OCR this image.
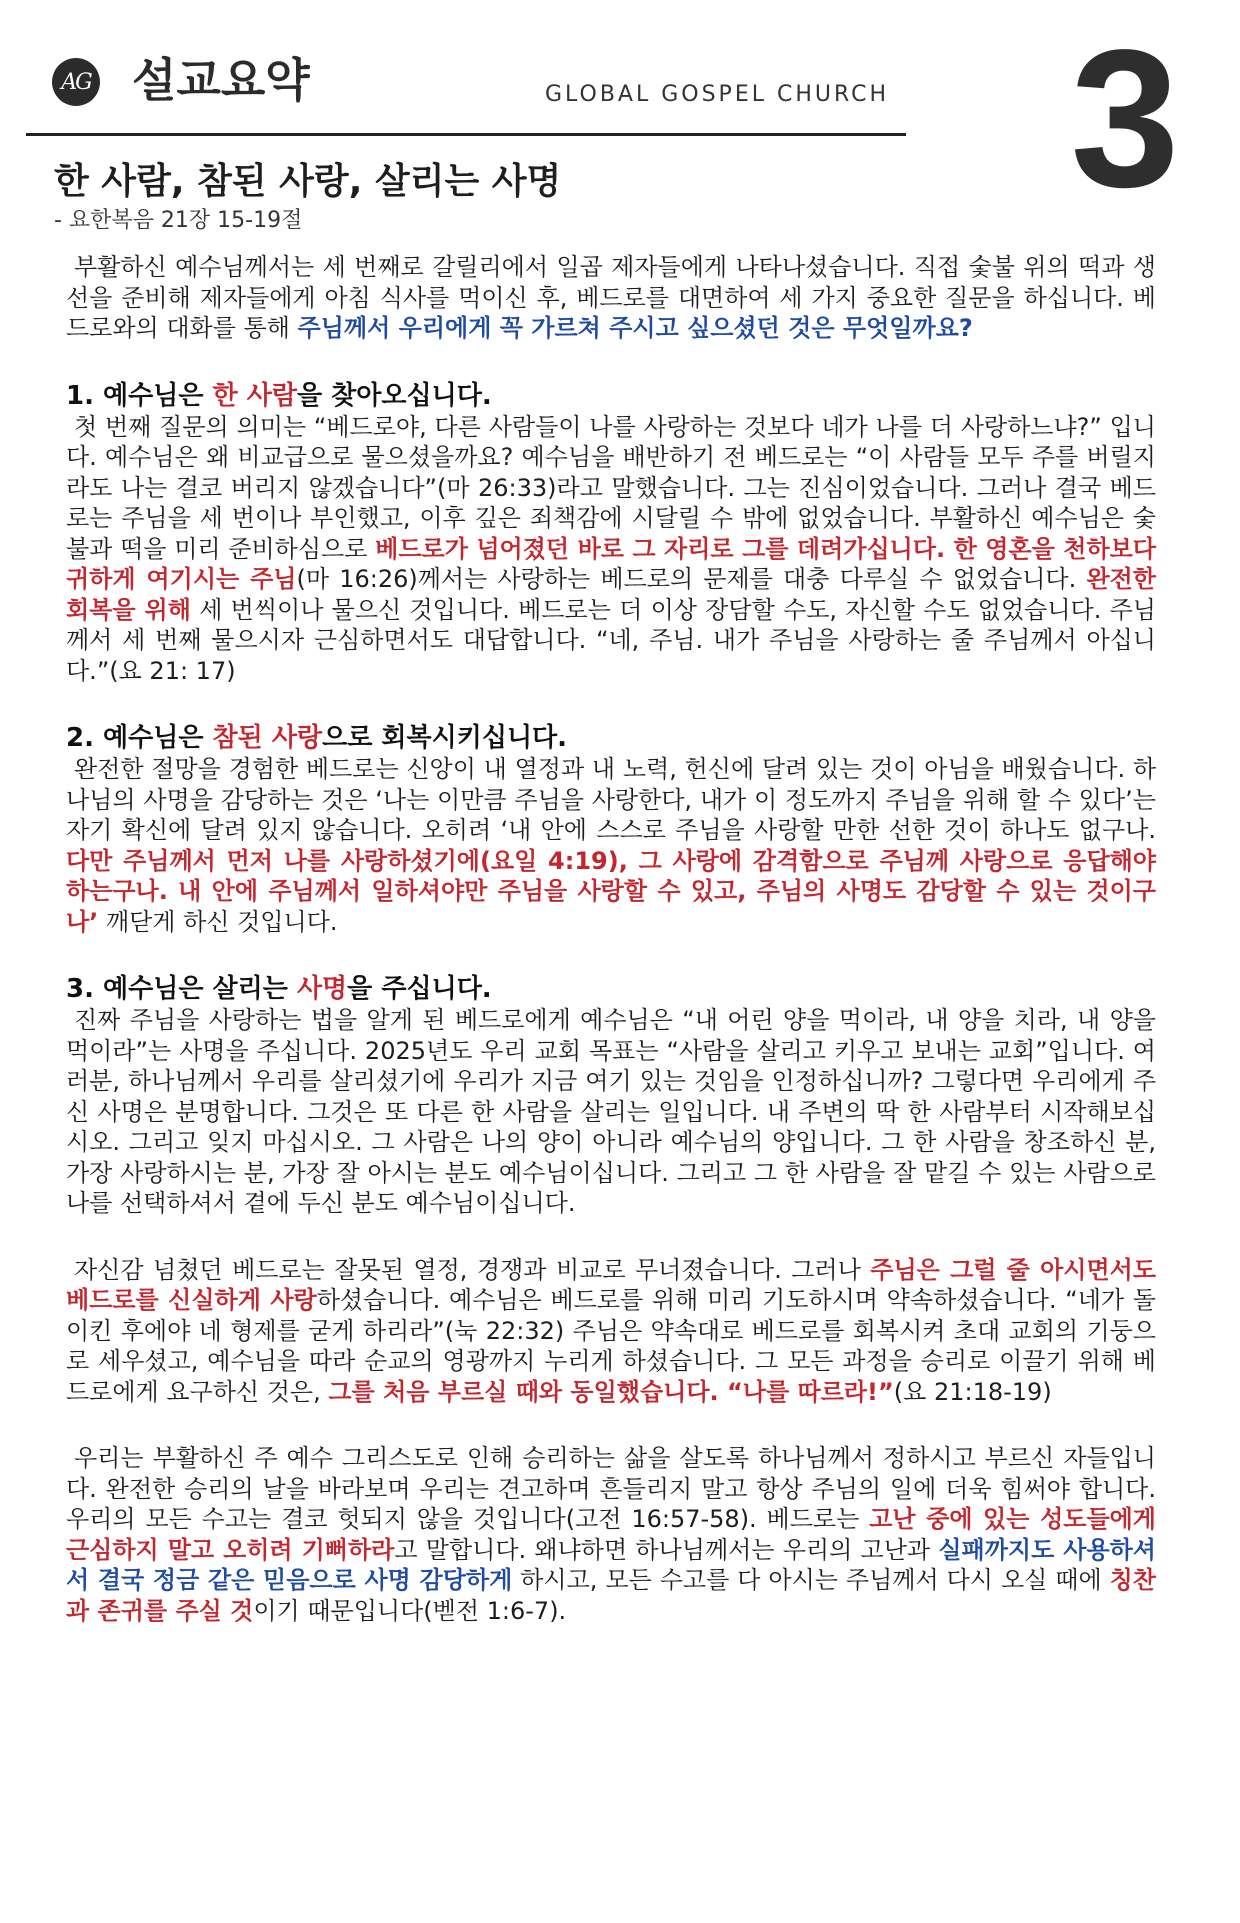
AG 설교요약	GLOBAL GOSPEL CHURCH 3
한 사람, 참된 사랑, 살리는 사명
- 요한복음 21장 15-19절

부활하신 예수님께서는 세 번째로 갈릴리에서 일곱 제자들에게 나타나셨습니다. 직접 숯불 위의 떡과 생선을 준비해 제자들에게 아침 식사를 먹이신 후, 베드로를 대면하여 세 가지 중요한 질문을 하십니다. 베드로와의 대화를 통해 주님께서 우리에게 꼭 가르쳐 주시고 싶으셨던 것은 무엇일까요?

1. 예수님은 한 사람을 찾아오십니다.

첫 번째 질문의 의미는 “베드로야, 다른 사람들이 나를 사랑하는 것보다 네가 나를 더 사랑하느냐?” 입니다. 예수님은 왜 비교급으로 물으셨을까요? 예수님을 배반하기 전 베드로는 “이 사람들 모두 주를 버릴지라도 나는 결코 버리지 않겠습니다”(마 26:33)라고 말했습니다. 그는 진심이었습니다. 그러나 결국 베드로는 주님을 세 번이나 부인했고, 이후 깊은 죄책감에 시달릴 수 밖에 없었습니다. 부활하신 예수님은 숯불과 떡을 미리 준비하심으로 베드로가 넘어졌던 바로 그 자리로 그를 데려가십니다. 한 영혼을 천하보다 귀하게 여기시는 주님(마 16:26)께서는 사랑하는 베드로의 문제를 대충 다루실 수 없었습니다. 완전한 회복을 위해 세 번씩이나 물으신 것입니다. 베드로는 더 이상 장담할 수도, 자신할 수도 없었습니다. 주님께서 세 번째 물으시자 근심하면서도 대답합니다. “네, 주님. 내가 주님을 사랑하는 줄 주님께서 아십니다.”(요 21: 17)

2. 예수님은 참된 사랑으로 회복시키십니다.

완전한 절망을 경험한 베드로는 신앙이 내 열정과 내 노력, 헌신에 달려 있는 것이 아님을 배웠습니다. 하나님의 사명을 감당하는 것은 ‘나는 이만큼 주님을 사랑한다, 내가 이 정도까지 주님을 위해 할 수 있다’는 자기 확신에 달려 있지 않습니다. 오히려 ‘내 안에 스스로 주님을 사랑할 만한 선한 것이 하나도 없구나. 다만 주님께서 먼저 나를 사랑하셨기에(요일 4:19), 그 사랑에 감격함으로 주님께 사랑으로 응답해야 하는구나. 내 안에 주님께서 일하셔야만 주님을 사랑할 수 있고, 주님의 사명도 감당할 수 있는 것이구나’ 깨닫게 하신 것입니다.

3. 예수님은 살리는 사명을 주십니다.

진짜 주님을 사랑하는 법을 알게 된 베드로에게 예수님은 “내 어린 양을 먹이라, 내 양을 치라, 내 양을 먹이라”는 사명을 주십니다. 2025년도 우리 교회 목표는 “사람을 살리고 키우고 보내는 교회”입니다. 여러분, 하나님께서 우리를 살리셨기에 우리가 지금 여기 있는 것임을 인정하십니까? 그렇다면 우리에게 주신 사명은 분명합니다. 그것은 또 다른 한 사람을 살리는 일입니다. 내 주변의 딱 한 사람부터 시작해보십시오. 그리고 잊지 마십시오. 그 사람은 나의 양이 아니라 예수님의 양입니다. 그 한 사람을 창조하신 분, 가장 사랑하시는 분, 가장 잘 아시는 분도 예수님이십니다. 그리고 그 한 사람을 잘 맡길 수 있는 사람으로 나를 선택하셔서 곁에 두신 분도 예수님이십니다.

자신감 넘쳤던 베드로는 잘못된 열정, 경쟁과 비교로 무너졌습니다. 그러나 주님은 그럴 줄 아시면서도 베드로를 신실하게 사랑하셨습니다. 예수님은 베드로를 위해 미리 기도하시며 약속하셨습니다. “네가 돌이킨 후에야 네 형제를 굳게 하리라”(눅 22:32) 주님은 약속대로 베드로를 회복시켜 초대 교회의 기둥으로 세우셨고, 예수님을 따라 순교의 영광까지 누리게 하셨습니다. 그 모든 과정을 승리로 이끌기 위해 베드로에게 요구하신 것은, 그를 처음 부르실 때와 동일했습니다. “나를 따르라!”(요 21:18-19)

우리는 부활하신 주 예수 그리스도로 인해 승리하는 삶을 살도록 하나님께서 정하시고 부르신 자들입니다. 완전한 승리의 날을 바라보며 우리는 견고하며 흔들리지 말고 항상 주님의 일에 더욱 힘써야 합니다. 우리의 모든 수고는 결코 헛되지 않을 것입니다(고전 16:57-58). 베드로는 고난 중에 있는 성도들에게 근심하지 말고 오히려 기뻐하라고 말합니다. 왜냐하면 하나님께서는 우리의 고난과 실패까지도 사용하셔서 결국 정금 같은 믿음으로 사명 감당하게 하시고, 모든 수고를 다 아시는 주님께서 다시 오실 때에 칭찬과 존귀를 주실 것이기 때문입니다(벧전 1:6-7).
